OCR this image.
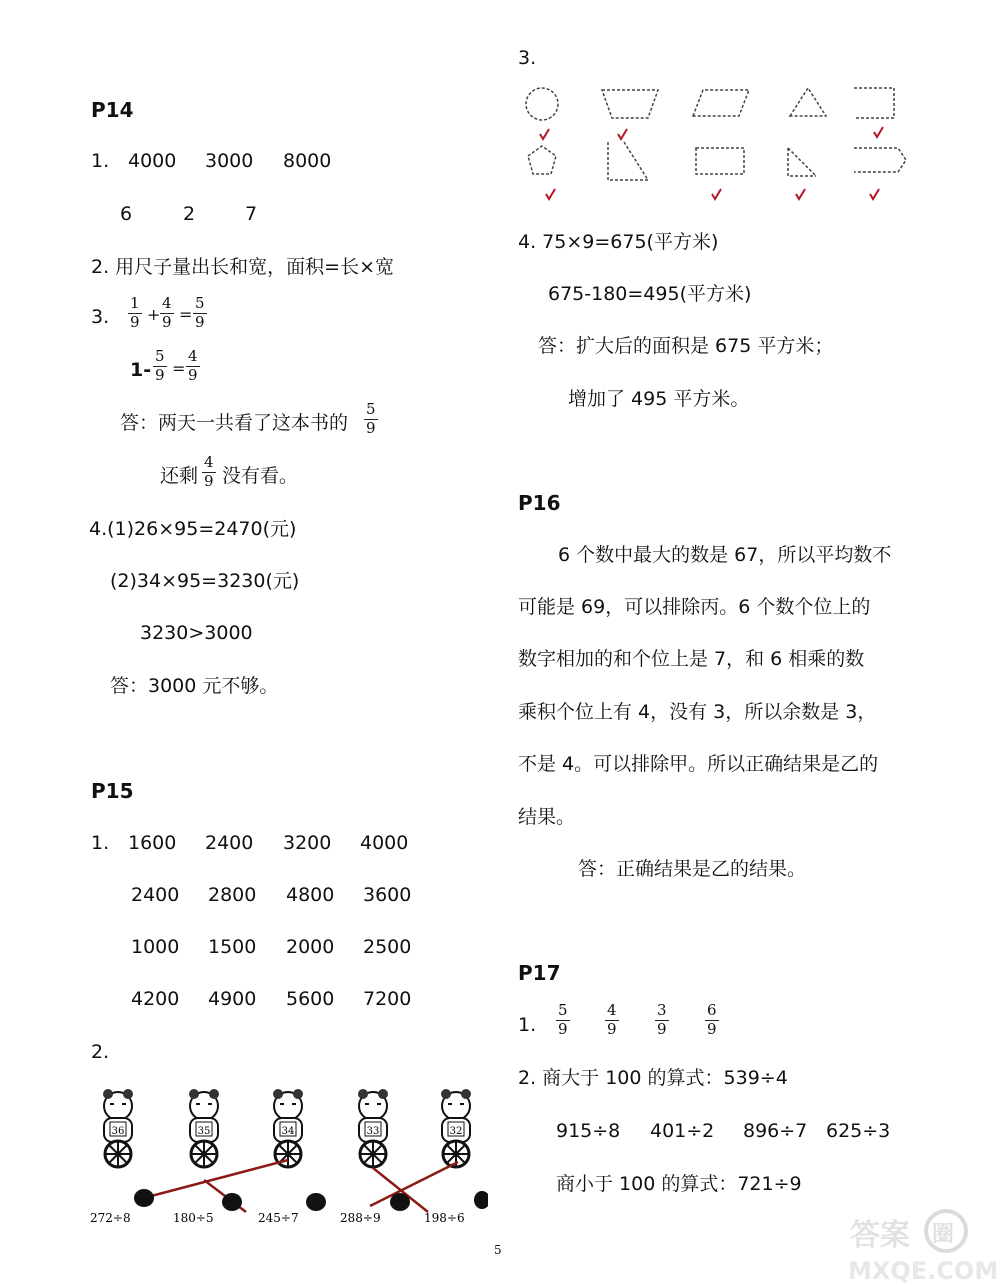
P14
1. 4000 3000 8000
6	2	7
2. 用尺子量出长和宽，面积=长×宽
3. $\frac{1}{9} + \frac{4}{9} = \frac{5}{9}$
$1- \frac{5}{9} = \frac{4}{9}$
答：两天一共看了这本书的 $\frac{5}{9}$
还剩 $\frac{4}{9}$ 没有看。
4.(1)26×95=2470(元)
(2)34×95=3230(元)
3230>3000
答：3000 元不够。
P15
1. 1600 2400 3200 4000
2400 2800 4800 3600
1000 1500 2000 2500
4200 4900 5600 7200
2.
36	35	34	33	32
272÷8	180÷5	245÷7	288÷9	198÷6
3.
4. 75×9=675(平方米)
675-180=495(平方米)
答：扩大后的面积是 675 平方米；
增加了 495 平方米。
P16
6 个数中最大的数是 67，所以平均数不
可能是 69，可以排除丙。6 个数个位上的
数字相加的和个位上是 7，和 6 相乘的数
乘积个位上有 4，没有 3，所以余数是 3，
不是 4。可以排除甲。所以正确结果是乙的
结果。
答：正确结果是乙的结果。
P17
1. $\frac{5}{9} \frac{4}{9} \frac{3}{9} \frac{6}{9}$
2. 商大于 100 的算式：539÷4
915÷8 401÷2 896÷7 625÷3
商小于 100 的算式：721÷9
5	答案 圈
MXQE.COM
